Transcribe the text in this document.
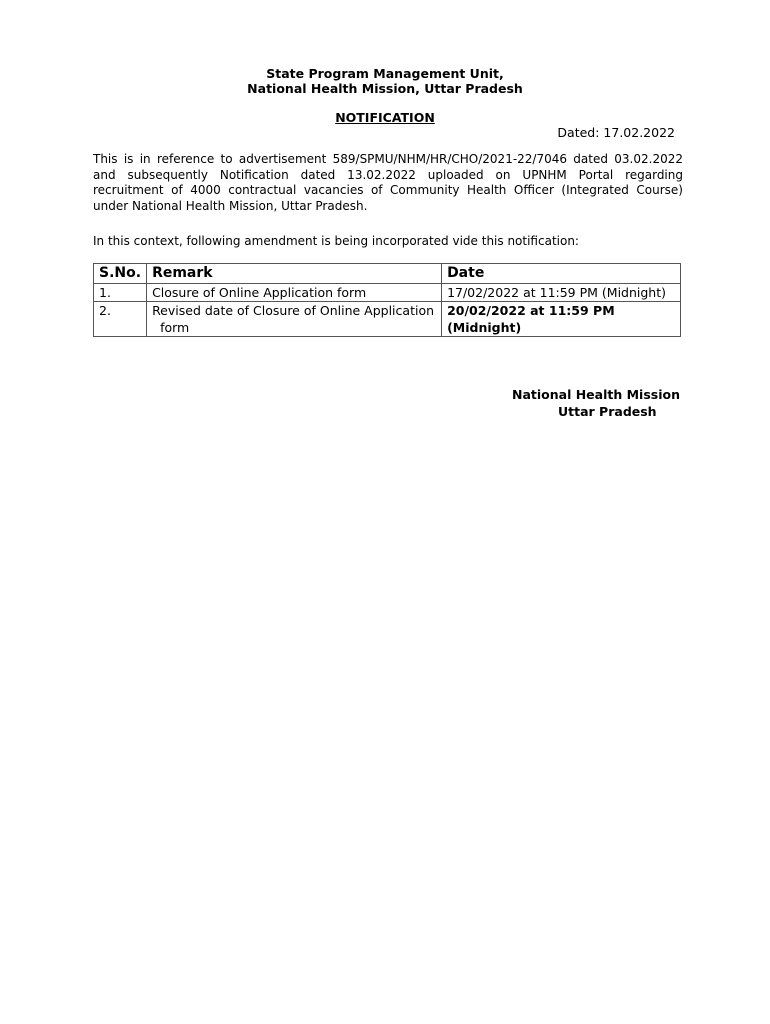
State Program Management Unit,
National Health Mission, Uttar Pradesh
NOTIFICATION
Dated: 17.02.2022
This is in reference to advertisement 589/SPMU/NHM/HR/CHO/2021-22/7046 dated 03.02.2022 and subsequently Notification dated 13.02.2022 uploaded on UPNHM Portal regarding recruitment of 4000 contractual vacancies of Community Health Officer (Integrated Course) under National Health Mission, Uttar Pradesh.
In this context, following amendment is being incorporated vide this notification:
S.No.	Remark	Date
1.	Closure of Online Application form	17/02/2022 at 11:59 PM (Midnight)
2.	Revised date of Closure of Online Application
form	20/02/2022 at 11:59 PM (Midnight)
National Health Mission
Uttar Pradesh
